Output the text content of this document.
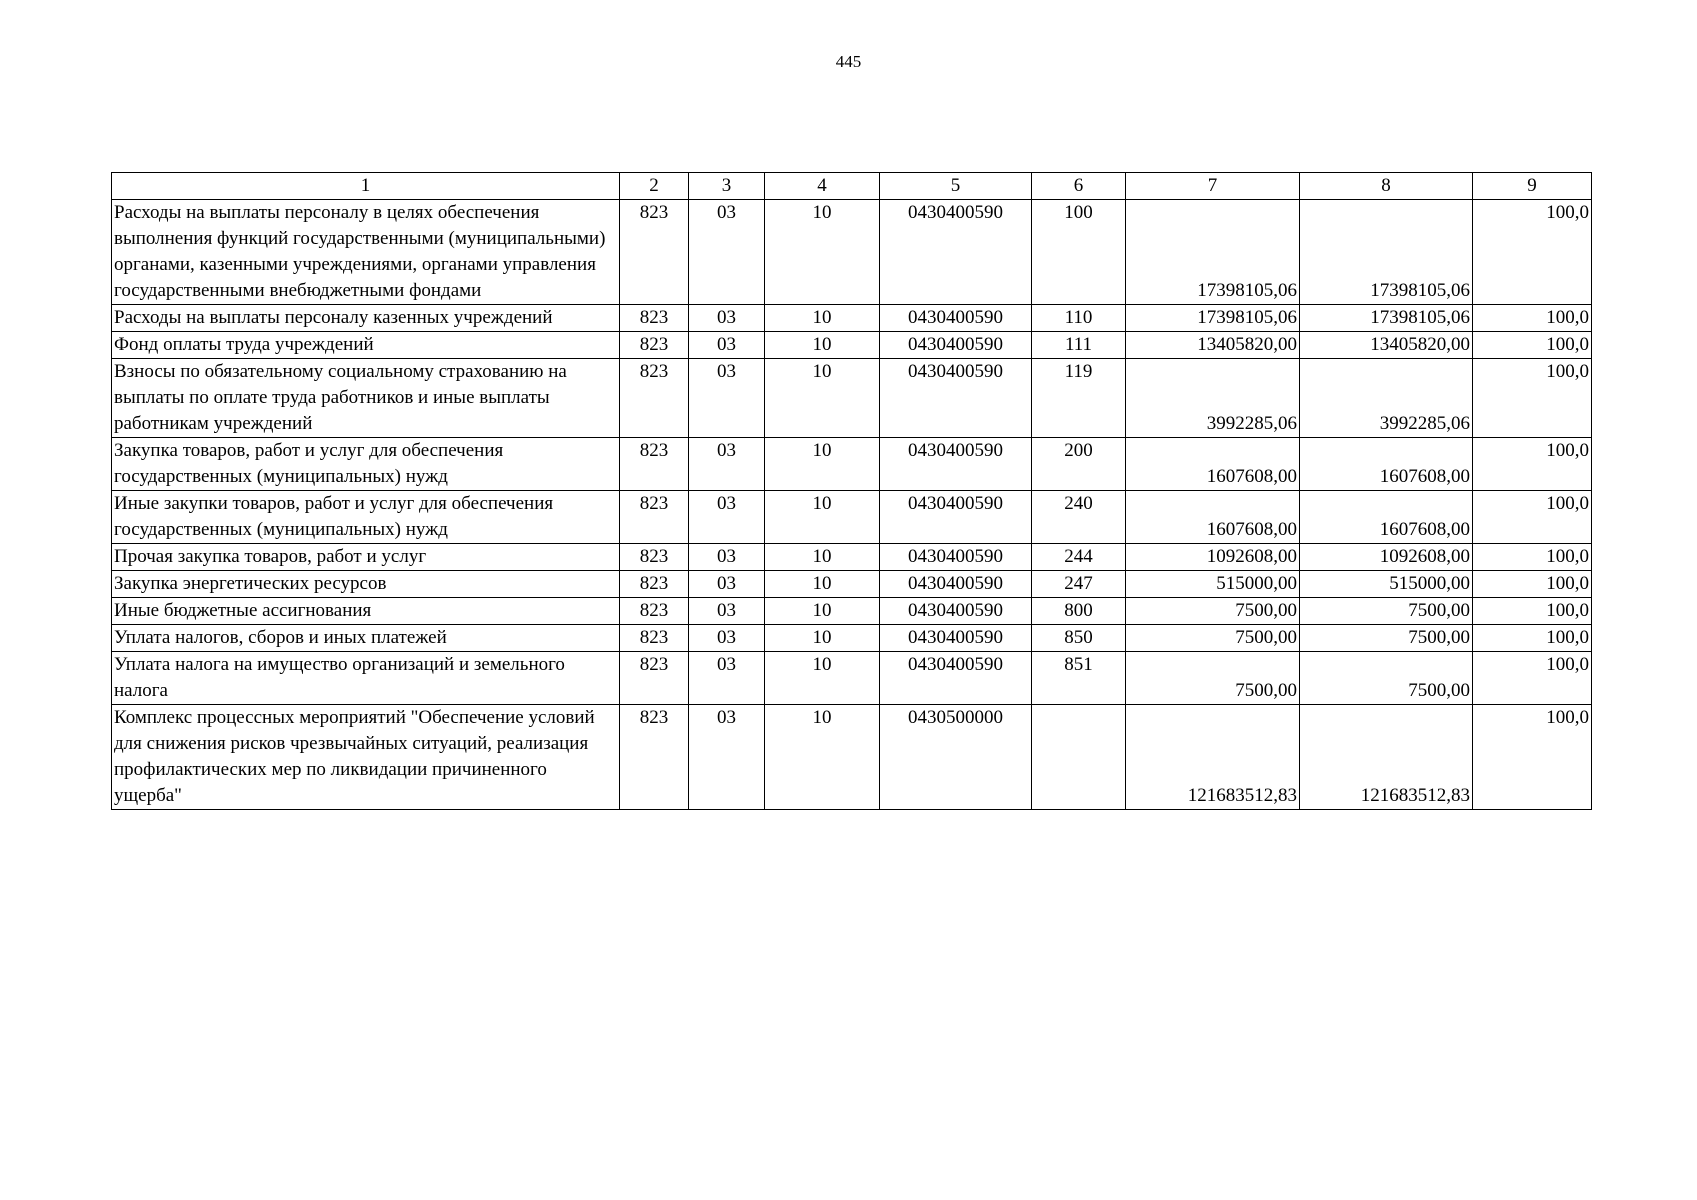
445
1	2	3	4	5	6	7	8	9
Расходы на выплаты персоналу в целях обеспечения выполнения функций государственными (муниципальными) органами, казенными учреждениями, органами управления государственными внебюджетными фондами	823	03	10	0430400590	100	17398105,06	17398105,06	100,0
Расходы на выплаты персоналу казенных учреждений	823	03	10	0430400590	110	17398105,06	17398105,06	100,0
Фонд оплаты труда учреждений	823	03	10	0430400590	111	13405820,00	13405820,00	100,0
Взносы по обязательному социальному страхованию на выплаты по оплате труда работников и иные выплаты работникам учреждений	823	03	10	0430400590	119	3992285,06	3992285,06	100,0
Закупка товаров, работ и услуг для обеспечения государственных (муниципальных) нужд	823	03	10	0430400590	200	1607608,00	1607608,00	100,0
Иные закупки товаров, работ и услуг для обеспечения государственных (муниципальных) нужд	823	03	10	0430400590	240	1607608,00	1607608,00	100,0
Прочая закупка товаров, работ и услуг	823	03	10	0430400590	244	1092608,00	1092608,00	100,0
Закупка энергетических ресурсов	823	03	10	0430400590	247	515000,00	515000,00	100,0
Иные бюджетные ассигнования	823	03	10	0430400590	800	7500,00	7500,00	100,0
Уплата налогов, сборов и иных платежей	823	03	10	0430400590	850	7500,00	7500,00	100,0
Уплата налога на имущество организаций и земельного налога	823	03	10	0430400590	851	7500,00	7500,00	100,0
Комплекс процессных мероприятий "Обеспечение условий для снижения рисков чрезвычайных ситуаций, реализация профилактических мер по ликвидации причиненного ущерба"	823	03	10	0430500000		121683512,83	121683512,83	100,0
